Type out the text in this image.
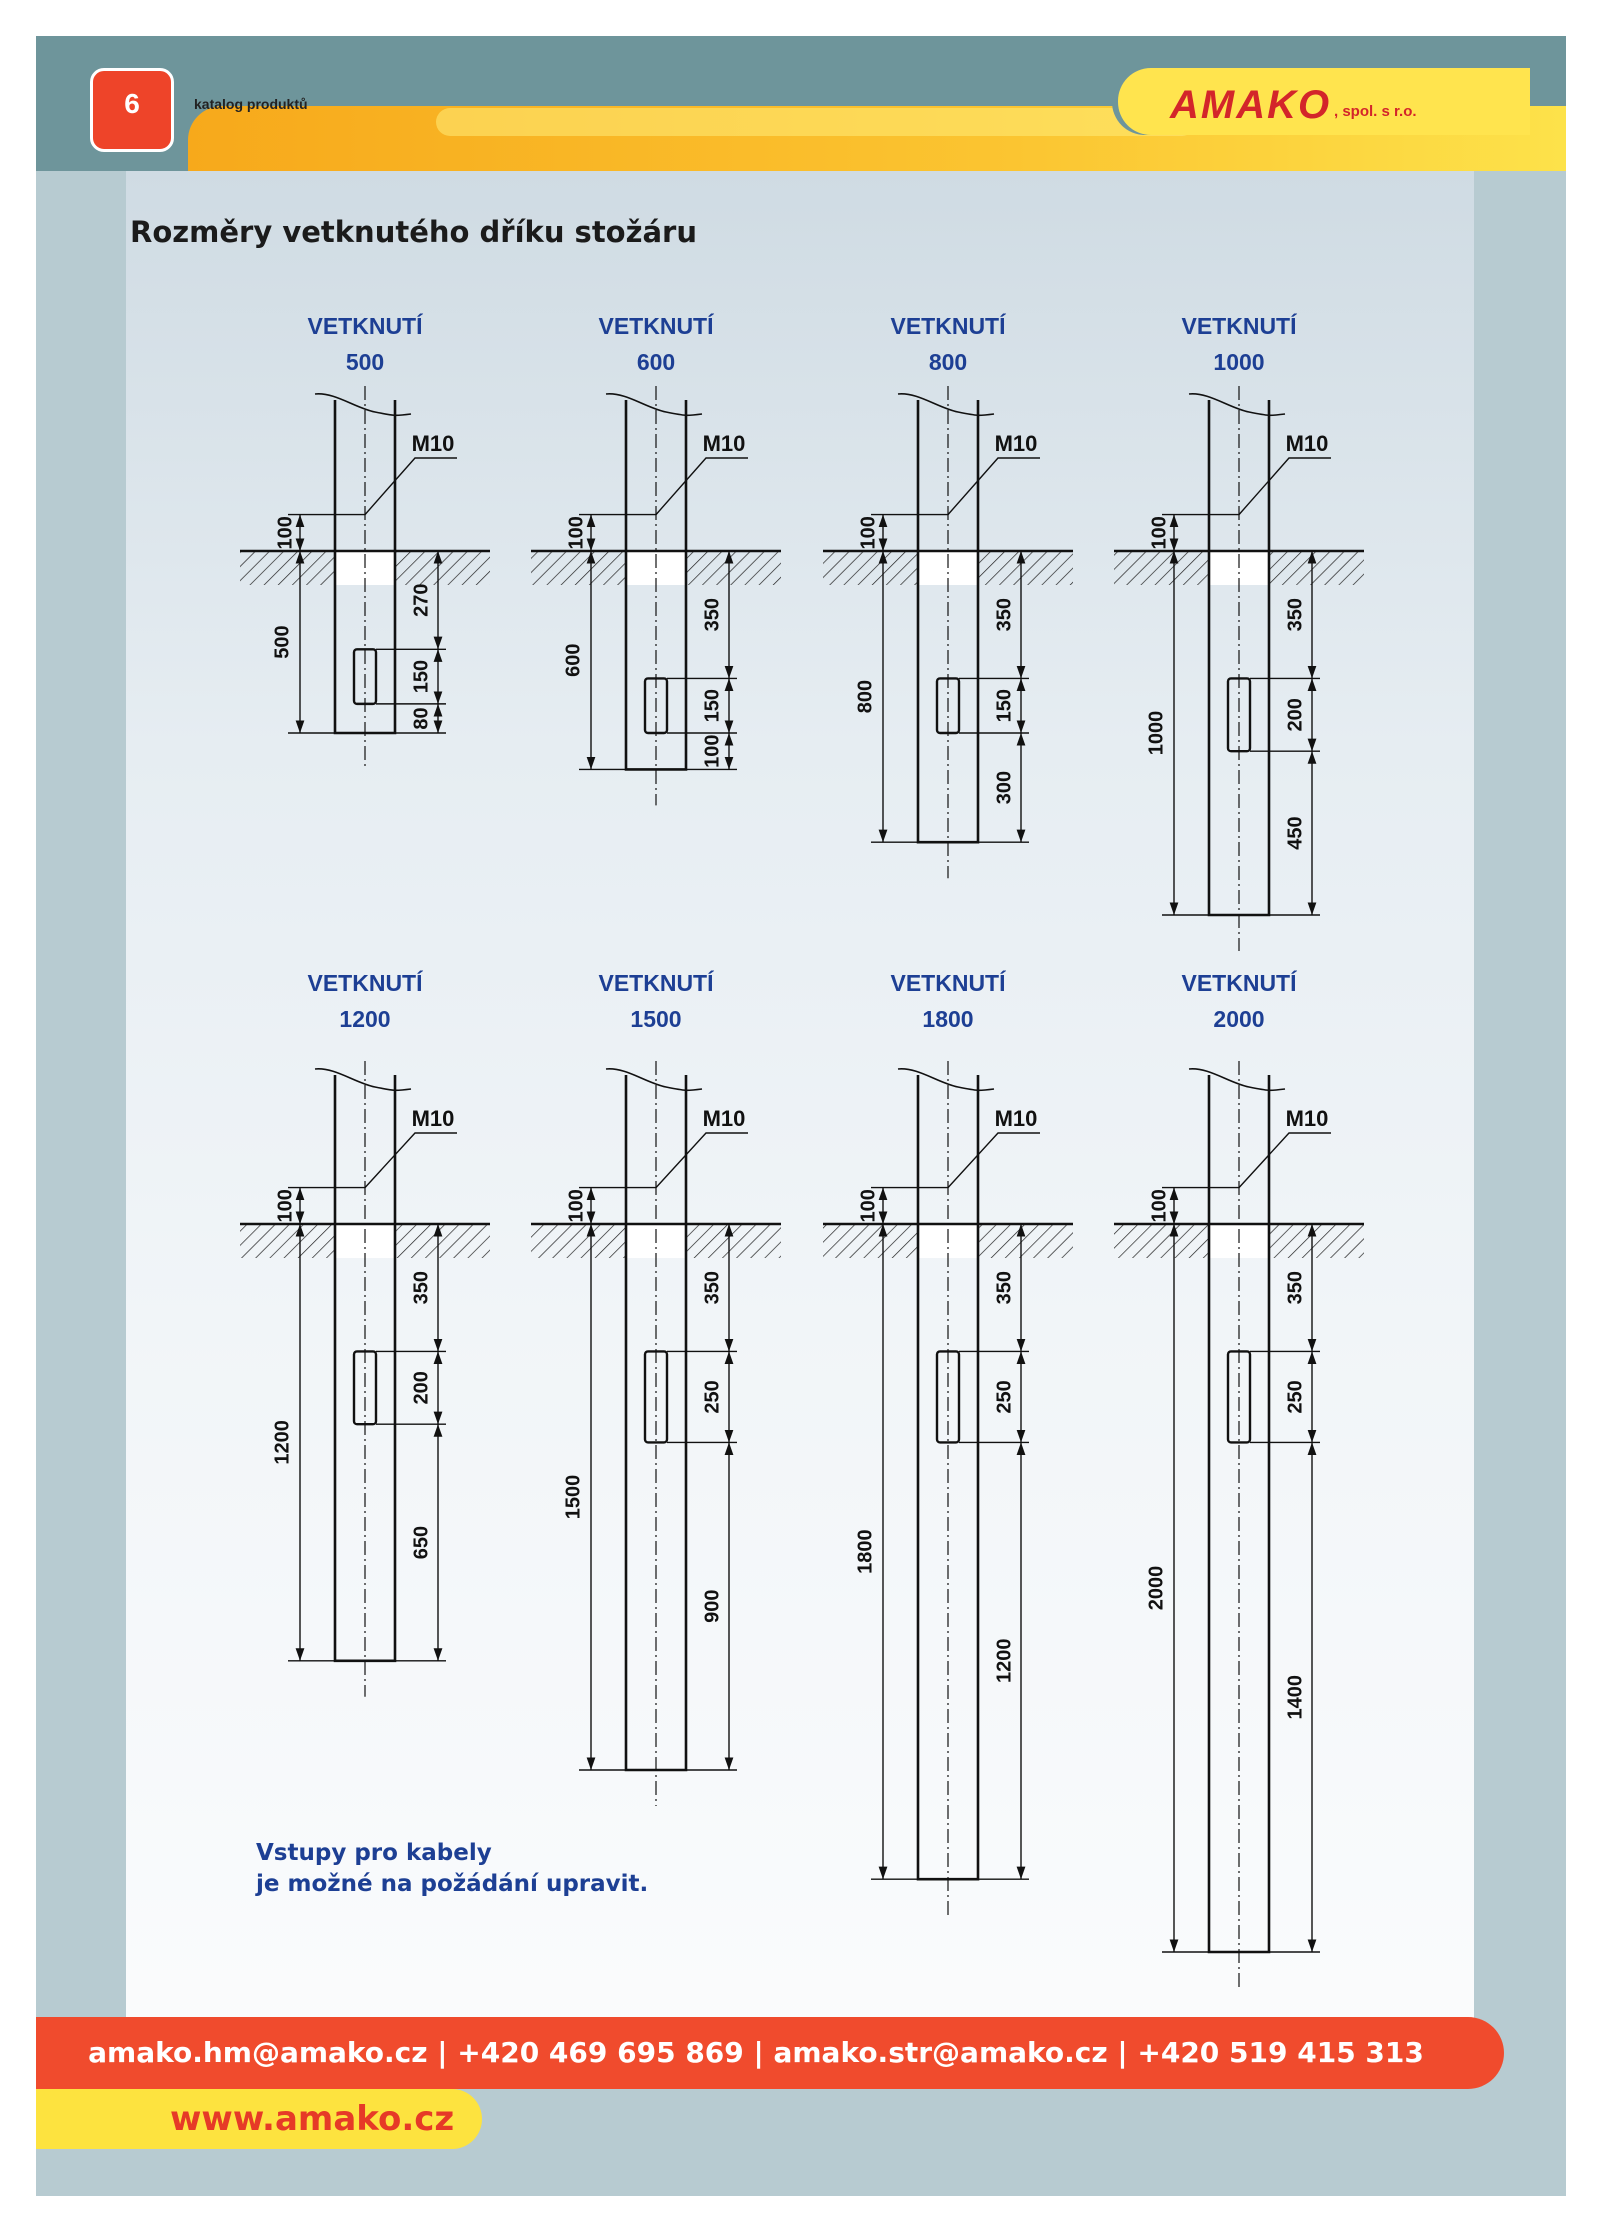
AMAKO , spol. s r.o.
6	katalog produktů
Rozměry vetknutého dříku stožáru
VETKNUTÍ
500
M10
100
500
270
150
80
VETKNUTÍ
600
M10
100
600
350
150
100
VETKNUTÍ
800
M10
100
800
350
150
300
VETKNUTÍ
1000
M10
100
1000
350
200
450
VETKNUTÍ
1200
M10
100
1200
350
200
650
VETKNUTÍ
1500
M10
100
1500
350
250
900
VETKNUTÍ
1800
M10
100
1800
350
250
1200
VETKNUTÍ
2000
M10
100
2000
350
250
1400
Vstupy pro kabely
je možné na požádání upravit.
amako.hm@amako.cz | +420 469 695 869 | amako.str@amako.cz | +420 519 415 313
www.amako.cz
